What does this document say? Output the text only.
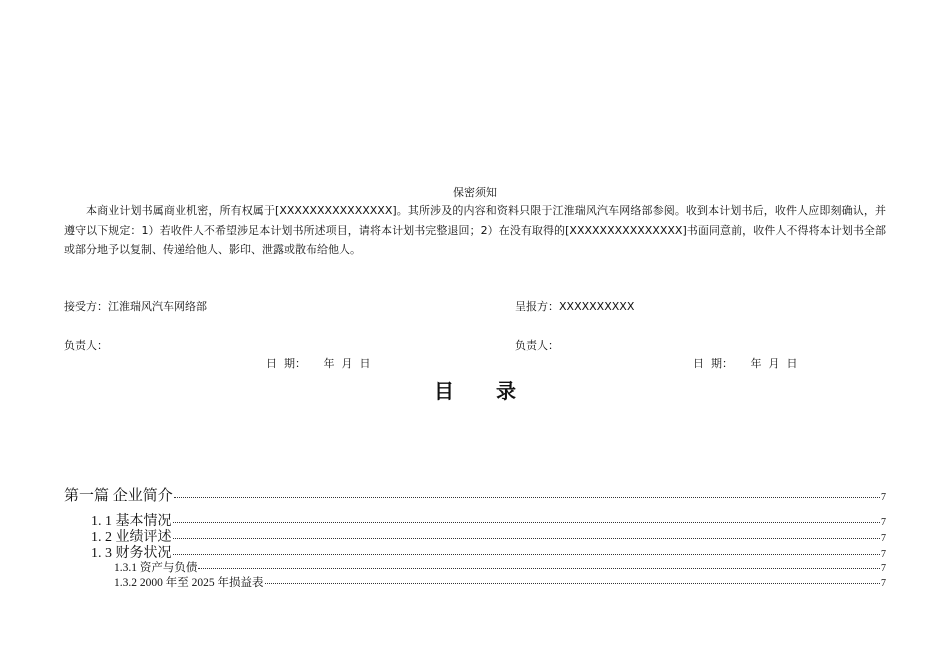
保密须知
本商业计划书属商业机密，所有权属于[XXXXXXXXXXXXXXX]。其所涉及的内容和资料只限于江淮瑞风汽车网络部参阅。收到本计划书后，收件人应即刻确认，并遵守以下规定：1）若收件人不希望涉足本计划书所述项目，请将本计划书完整退回；2）在没有取得的[XXXXXXXXXXXXXXX]书面同意前，收件人不得将本计划书全部或部分地予以复制、传递给他人、影印、泄露或散布给他人。
接受方：江淮瑞风汽车网络部	呈报方：XXXXXXXXXX
负责人：	负责人：
日  期：     年  月  日	日  期：     年  月  日
目 录
第一篇 企业简介	7
1. 1 基本情况	7
1. 2 业绩评述	7
1. 3 财务状况	7
1.3.1 资产与负债	7
1.3.2 2000 年至 2025 年损益表	7
